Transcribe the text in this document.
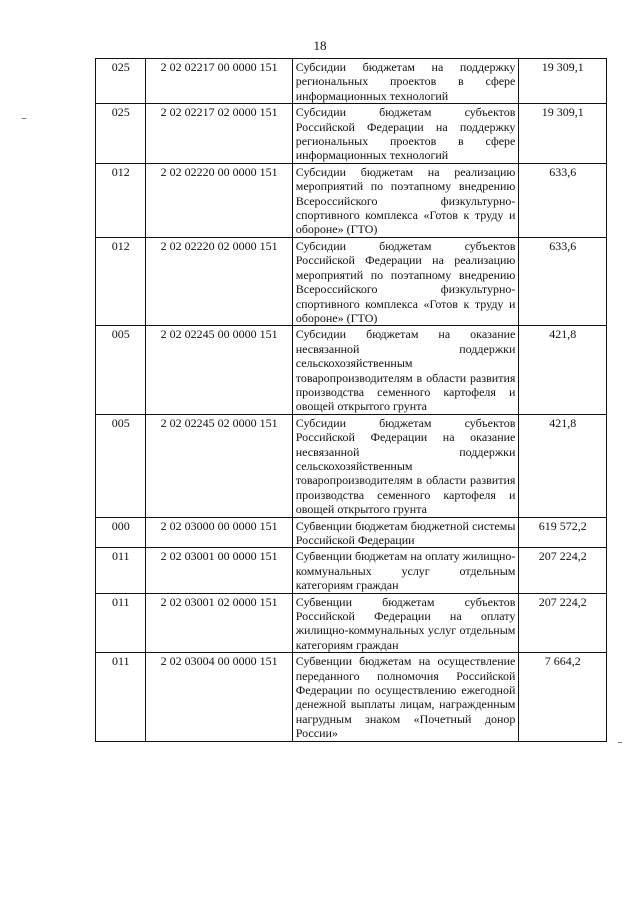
18
025	2 02 02217 00 0000 151	Субсидии бюджетам на поддержку региональных проектов в сфере информационных технологий	19 309,1
025	2 02 02217 02 0000 151	Субсидии бюджетам субъектов Российской Федерации на поддержку региональных проектов в сфере информационных технологий	19 309,1
012	2 02 02220 00 0000 151	Субсидии бюджетам на реализацию мероприятий по поэтапному внедрению Всероссийского физкультурно-спортивного комплекса «Готов к труду и обороне» (ГТО)	633,6
012	2 02 02220 02 0000 151	Субсидии бюджетам субъектов Российской Федерации на реализацию мероприятий по поэтапному внедрению Всероссийского физкультурно-спортивного комплекса «Готов к труду и обороне» (ГТО)	633,6
005	2 02 02245 00 0000 151	Субсидии бюджетам на оказание несвязанной поддержки сельскохозяйственным товаропроизводителям в области развития производства семенного картофеля и овощей открытого грунта	421,8
005	2 02 02245 02 0000 151	Субсидии бюджетам субъектов Российской Федерации на оказание несвязанной поддержки сельскохозяйственным товаропроизводителям в области развития производства семенного картофеля и овощей открытого грунта	421,8
000	2 02 03000 00 0000 151	Субвенции бюджетам бюджетной системы Российской Федерации	619 572,2
011	2 02 03001 00 0000 151	Субвенции бюджетам на оплату жилищно-коммунальных услуг отдельным категориям граждан	207 224,2
011	2 02 03001 02 0000 151	Субвенции бюджетам субъектов Российской Федерации на оплату жилищно-коммунальных услуг отдельным категориям граждан	207 224,2
011	2 02 03004 00 0000 151	Субвенции бюджетам на осуществление переданного полномочия Российской Федерации по осуществлению ежегодной денежной выплаты лицам, награжденным нагрудным знаком «Почетный донор России»	7 664,2
